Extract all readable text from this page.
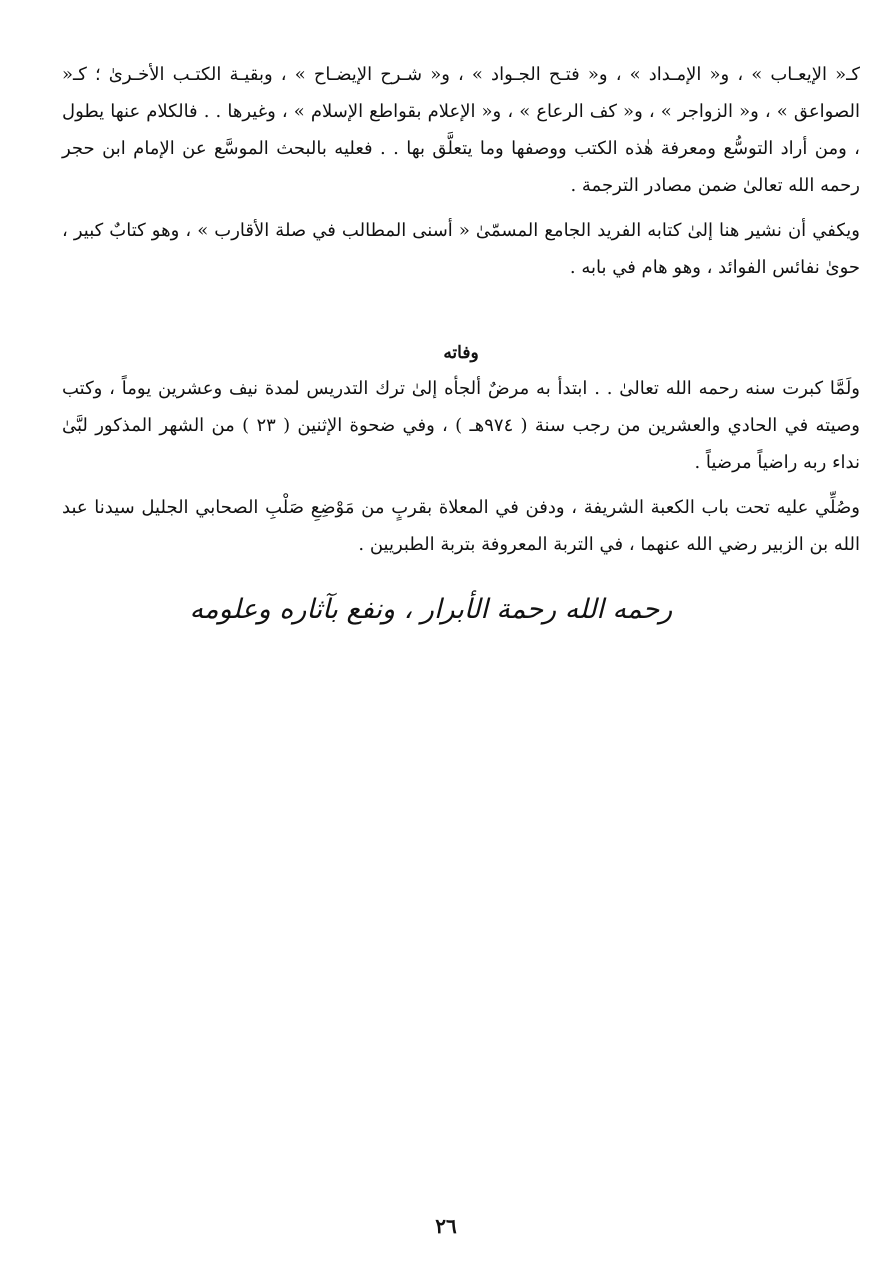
كـ« الإيعـاب » ، و« الإمـداد » ، و« فتـح الجـواد » ، و« شـرح الإيضـاح » ، وبقيـة الكتـب الأخـرىٰ ؛ كـ« الصواعق » ، و« الزواجر » ، و« كف الرعاع » ، و« الإعلام بقواطع الإسلام » ، وغيرها . . فالكلام عنها يطول ، ومن أراد التوسُّع ومعرفة هٰذه الكتب ووصفها وما يتعلَّق بها . . فعليه بالبحث الموسَّع عن الإمام ابن حجر رحمه الله تعالىٰ ضمن مصادر الترجمة .

ويكفي أن نشير هنا إلىٰ كتابه الفريد الجامع المسمّىٰ « أسنى المطالب في صلة الأقارب » ، وهو كتابٌ كبير ، حوىٰ نفائس الفوائد ، وهو هام في بابه .

وفاته

ولَمَّا كبرت سنه رحمه الله تعالىٰ . . ابتدأ به مرضٌ ألجأه إلىٰ ترك التدريس لمدة نيف وعشرين يوماً ، وكتب وصيته في الحادي والعشرين من رجب سنة ( ٩٧٤هـ ) ، وفي ضحوة الإثنين ( ٢٣ ) من الشهر المذكور لبَّىٰ نداء ربه راضياً مرضياً .

وصُلِّي عليه تحت باب الكعبة الشريفة ، ودفن في المعلاة بقربٍ من مَوْضِعِ صَلْبِ الصحابي الجليل سيدنا عبد الله بن الزبير رضي الله عنهما ، في التربة المعروفة بتربة الطبريين .

رحمه الله رحمة الأبرار ، ونفع بآثاره وعلومه
٢٦
